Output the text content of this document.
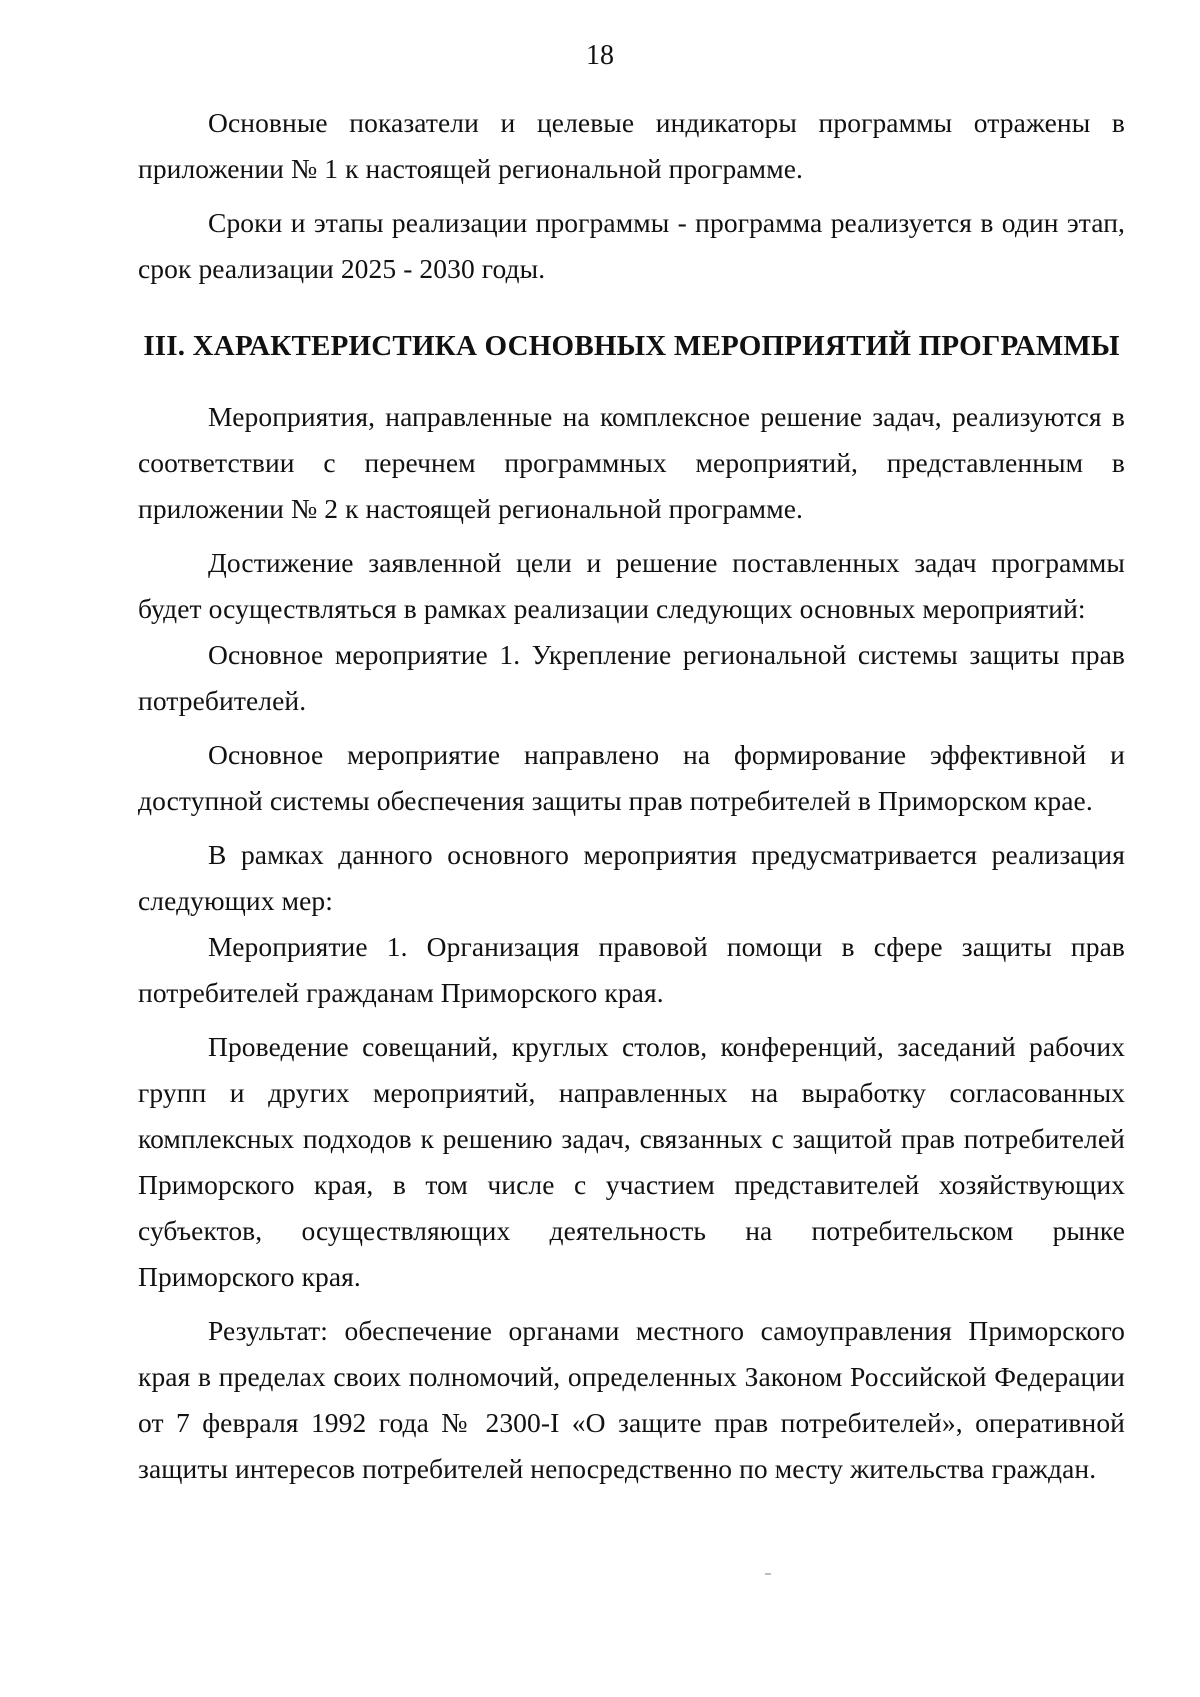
18

Основные показатели и целевые индикаторы программы отражены в приложении № 1 к настоящей региональной программе.

Сроки и этапы реализации программы - программа реализуется в один этап, срок реализации 2025 - 2030 годы.

III. ХАРАКТЕРИСТИКА ОСНОВНЫХ МЕРОПРИЯТИЙ ПРОГРАММЫ

Мероприятия, направленные на комплексное решение задач, реализуются в соответствии с перечнем программных мероприятий, представленным в приложении № 2 к настоящей региональной программе.

Достижение заявленной цели и решение поставленных задач программы будет осуществляться в рамках реализации следующих основных мероприятий:

Основное мероприятие 1. Укрепление региональной системы защиты прав потребителей.

Основное мероприятие направлено на формирование эффективной и доступной системы обеспечения защиты прав потребителей в Приморском крае.

В рамках данного основного мероприятия предусматривается реализация следующих мер:

Мероприятие 1. Организация правовой помощи в сфере защиты прав потребителей гражданам Приморского края.

Проведение совещаний, круглых столов, конференций, заседаний рабочих групп и других мероприятий, направленных на выработку согласованных комплексных подходов к решению задач, связанных с защитой прав потребителей Приморского края, в том числе с участием представителей хозяйствующих субъектов, осуществляющих деятельность на потребительском рынке Приморского края.

Результат: обеспечение органами местного самоуправления Приморского края в пределах своих полномочий, определенных Законом Российской Федерации от 7 февраля 1992 года № 2300-I «О защите прав потребителей», оперативной защиты интересов потребителей непосредственно по месту жительства граждан.
